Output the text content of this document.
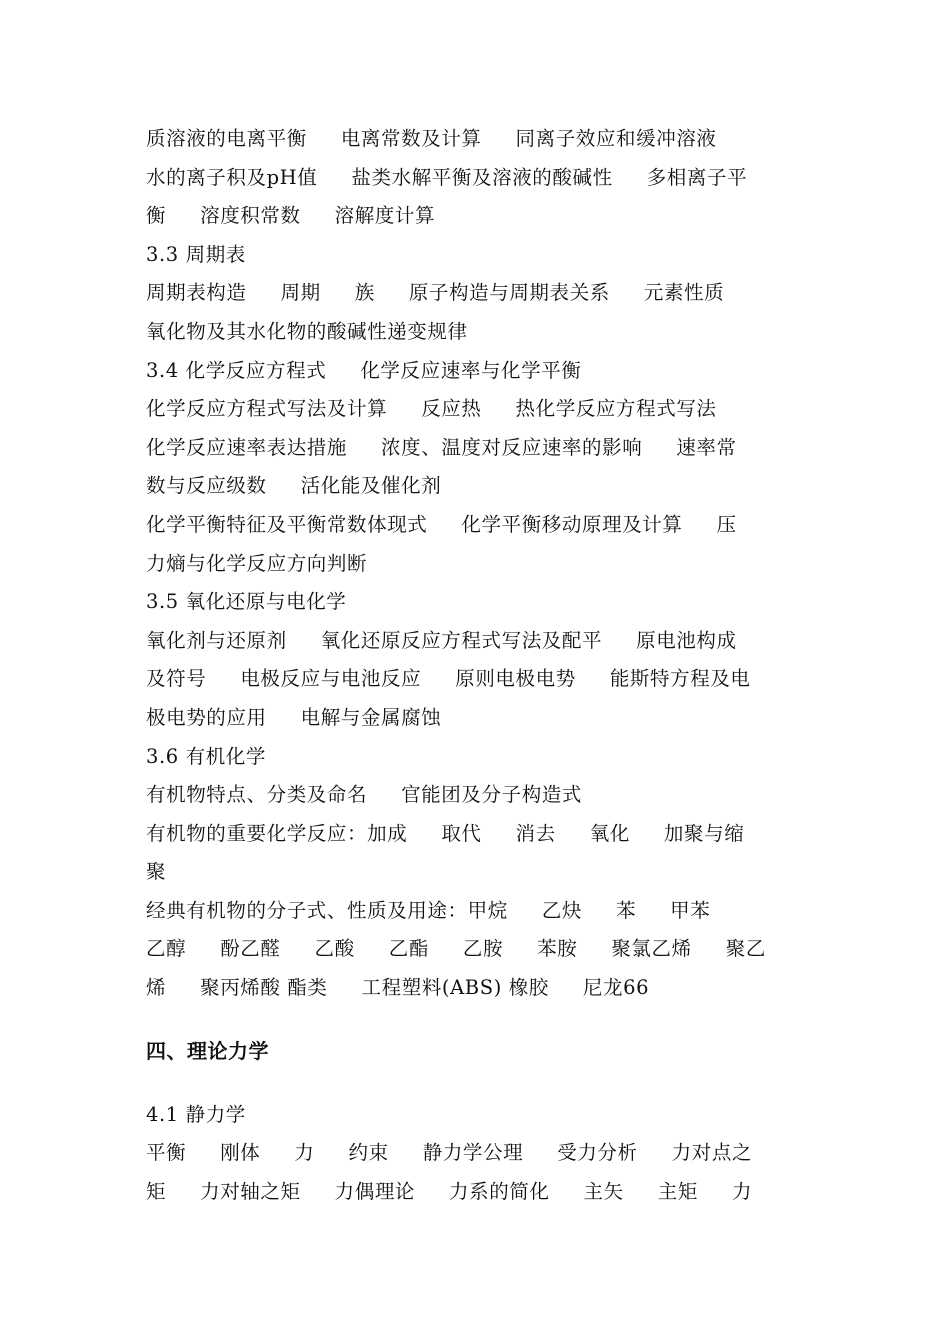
质溶液的电离平衡　 电离常数及计算　 同离子效应和缓冲溶液
水的离子积及pH值　 盐类水解平衡及溶液的酸碱性　 多相离子平
衡　 溶度积常数　 溶解度计算
3.3 周期表
周期表构造　 周期　 族　 原子构造与周期表关系　 元素性质
氧化物及其水化物的酸碱性递变规律
3.4 化学反应方程式　 化学反应速率与化学平衡
化学反应方程式写法及计算　 反应热　 热化学反应方程式写法
化学反应速率表达措施　 浓度、温度对反应速率的影响　 速率常
数与反应级数　 活化能及催化剂
化学平衡特征及平衡常数体现式　 化学平衡移动原理及计算　 压
力熵与化学反应方向判断
3.5 氧化还原与电化学
氧化剂与还原剂　 氧化还原反应方程式写法及配平　 原电池构成
及符号　 电极反应与电池反应　 原则电极电势　 能斯特方程及电
极电势的应用　 电解与金属腐蚀
3.6 有机化学
有机物特点、分类及命名　 官能团及分子构造式
有机物的重要化学反应：加成　 取代　 消去　 氧化　 加聚与缩
聚
经典有机物的分子式、性质及用途：甲烷　 乙炔　 苯　 甲苯
乙醇　 酚乙醛　 乙酸　 乙酯　 乙胺　 苯胺　 聚氯乙烯　 聚乙
烯　 聚丙烯酸 酯类　 工程塑料(ABS) 橡胶　 尼龙66
四、理论力学
4.1 静力学
平衡　 刚体　 力　 约束　 静力学公理　 受力分析　 力对点之
矩　 力对轴之矩　 力偶理论　 力系的简化　 主矢　 主矩　 力
